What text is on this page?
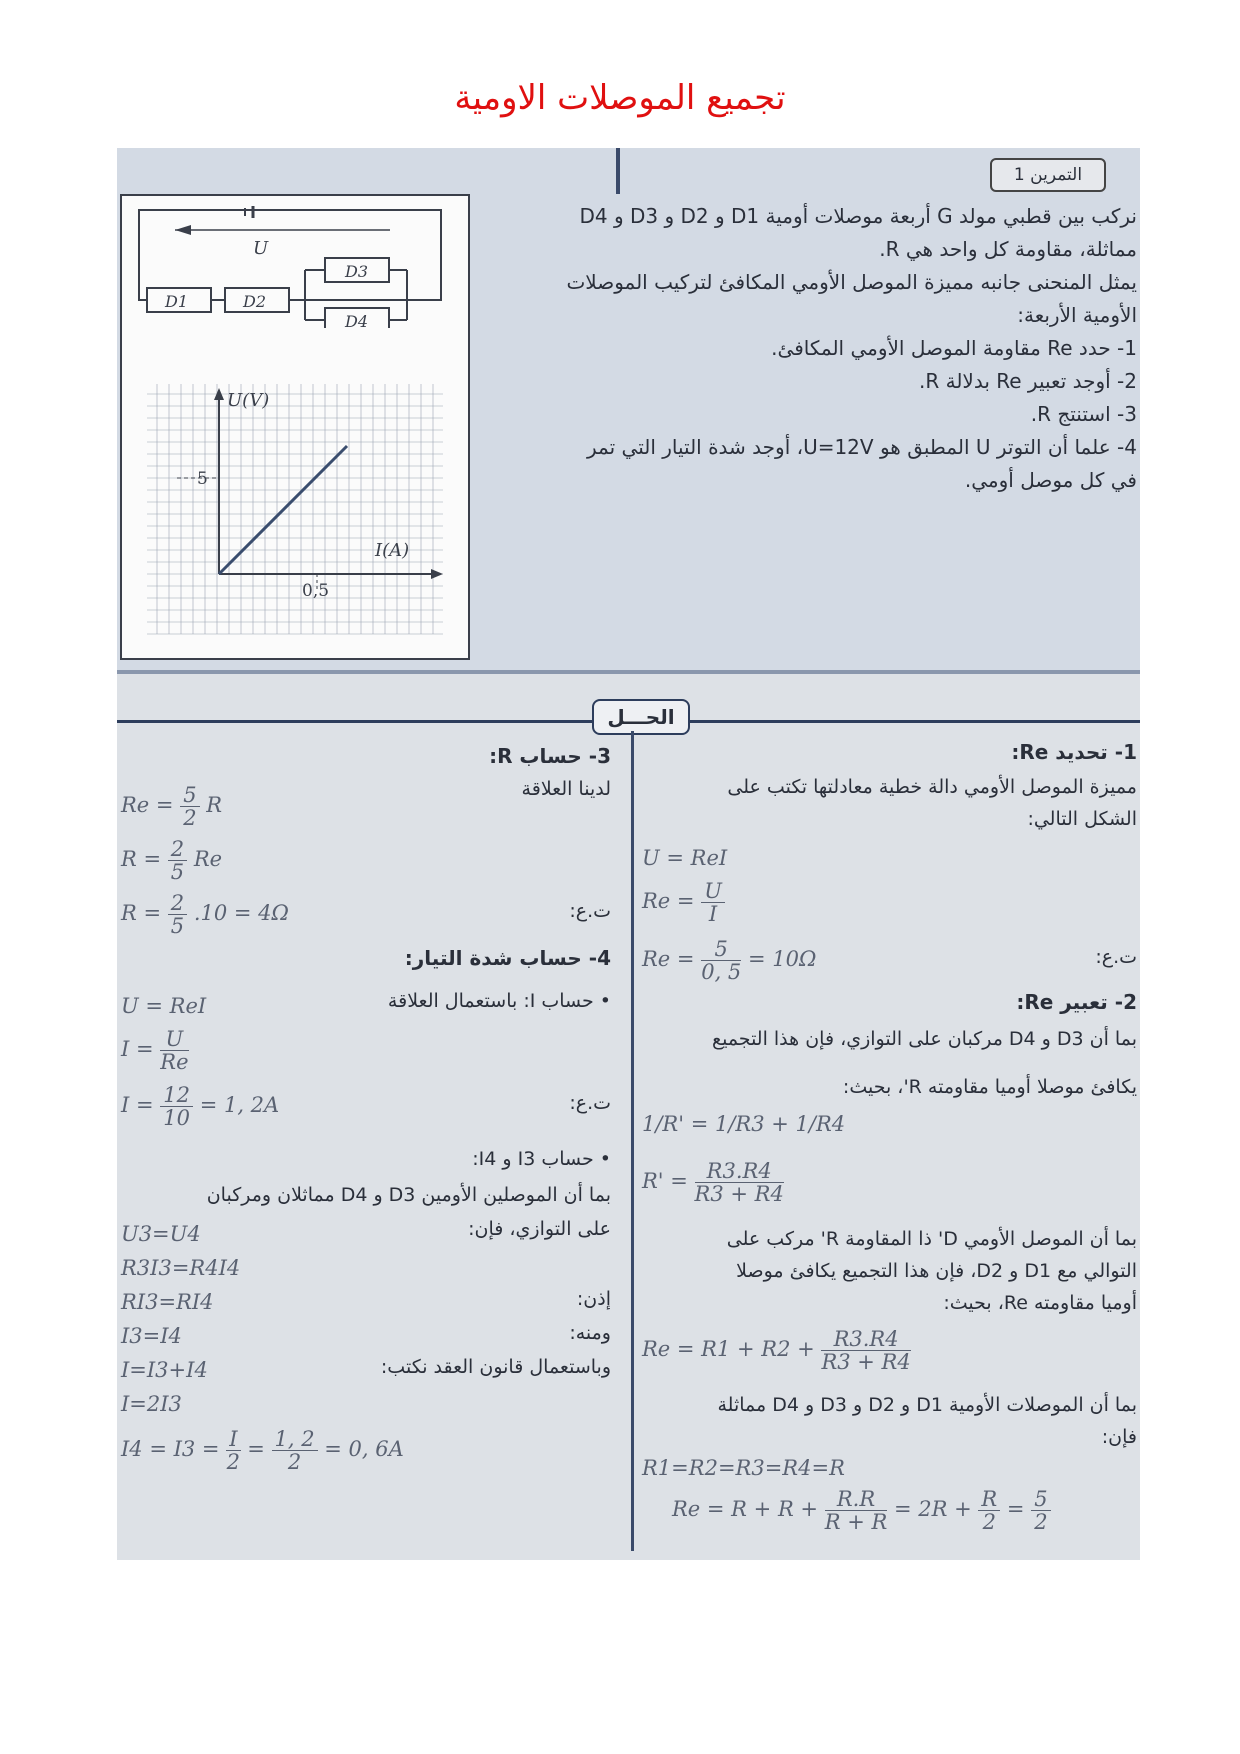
تجميع الموصلات الاومية
التمرين 1
U
D1	D2
D3
D4
U(V)
I(A)
5
0,5

نركب بين قطبي مولد G أربعة موصلات أومية D1 و D2 و D3 و D4

مماثلة، مقاومة كل واحد هي R.

يمثل المنحنى جانبه مميزة الموصل الأومي المكافئ لتركيب الموصلات

الأومية الأربعة:

1- حدد Re مقاومة الموصل الأومي المكافئ.

2- أوجد تعبير Re بدلالة R.

3- استنتج R.

4- علما أن التوتر U المطبق هو U=12V، أوجد شدة التيار التي تمر

في كل موصل أومي.

الحـــل
1- تحديد Re:
مميزة الموصل الأومي دالة خطية معادلتها تكتب على
الشكل التالي:
U = ReI
$Re = \frac{U}{I}$
ت.ع:
$Re = \frac{5}{0, 5} = 10\Omega$
2- تعبير Re:
بما أن D3 و D4 مركبان على التوازي، فإن هذا التجميع
يكافئ موصلا أوميا مقاومته R'، بحيث:
1/R' = 1/R3 + 1/R4
$R' = \frac{R3.R4}{R3 + R4}$
بما أن الموصل الأومي D' ذا المقاومة R' مركب على
التوالي مع D1 و D2، فإن هذا التجميع يكافئ موصلا
أوميا مقاومته Re، بحيث:
$Re = R1 + R2 + \frac{R3.R4}{R3 + R4}$
بما أن الموصلات الأومية D1 و D2 و D3 و D4 مماثلة
فإن:
R1=R2=R3=R4=R
$Re = R + R + \frac{R.R}{R + R} = 2R + \frac{R}{2} = \frac{5}{2}$
3- حساب R:
لدينا العلاقة
$Re = \frac{5}{2}$ R
$R = \frac{2}{5}$ Re
ت.ع:
$R = \frac{2}{5} .10 = 4\Omega$
4- حساب شدة التيار:
• حساب I: باستعمال العلاقة
U = ReI
$I = \frac{U}{Re}$
ت.ع:
$I = \frac{12}{10} = 1$, 2A
• حساب I3 و I4:
بما أن الموصلين الأومين D3 و D4 مماثلان ومركبان
على التوازي، فإن:
U3=U4
R3I3=R4I4
إذن:
RI3=RI4
ومنه:
I3=I4
وباستعمال قانون العقد نكتب:
I=I3+I4
I=2I3
$I4 = I3 = \frac{I}{2} = \frac{1, 2}{2} = 0$, 6A
